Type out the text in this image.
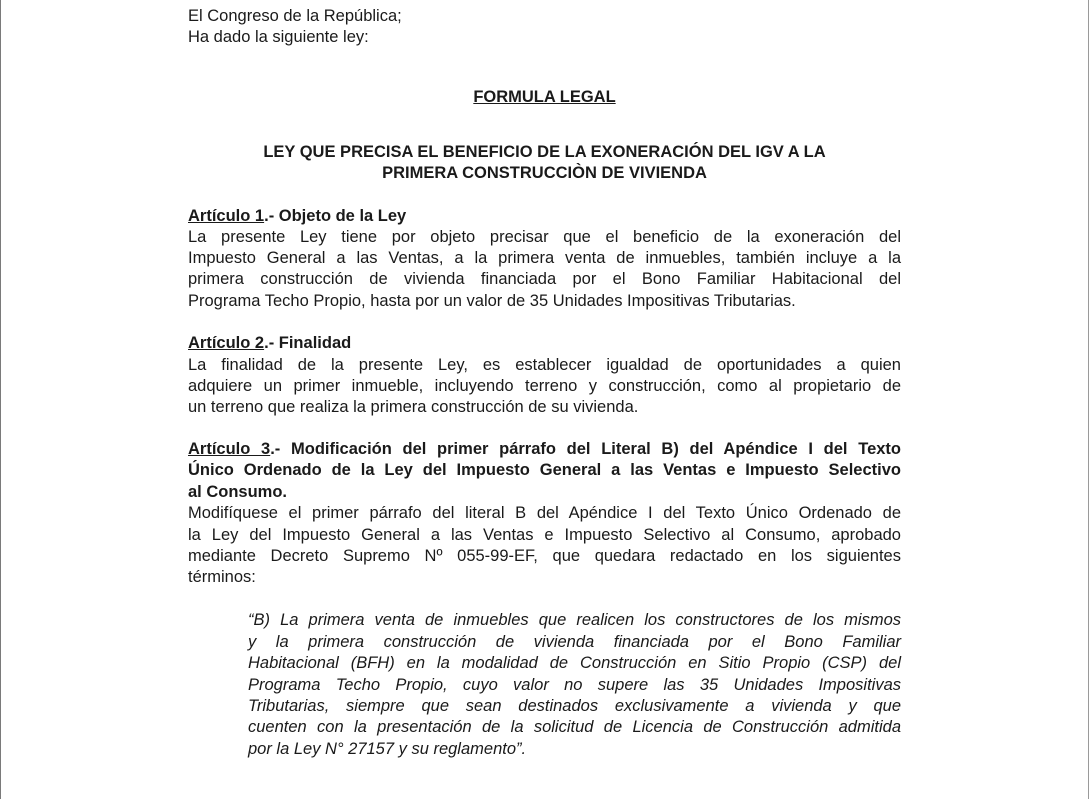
El Congreso de la República;
Ha dado la siguiente ley:
FORMULA LEGAL
LEY QUE PRECISA EL BENEFICIO DE LA EXONERACIÓN DEL IGV A LA
PRIMERA CONSTRUCCIÒN DE VIVIENDA
Artículo 1.- Objeto de la Ley
La presente Ley tiene por objeto precisar que el beneficio de la exoneración del
Impuesto General a las Ventas, a la primera venta de inmuebles, también incluye a la
primera construcción de vivienda financiada por el Bono Familiar Habitacional del
Programa Techo Propio, hasta por un valor de 35 Unidades Impositivas Tributarias.
Artículo 2.- Finalidad
La finalidad de la presente Ley, es establecer igualdad de oportunidades a quien
adquiere un primer inmueble, incluyendo terreno y construcción, como al propietario de
un terreno que realiza la primera construcción de su vivienda.
Artículo 3.- Modificación del primer párrafo del Literal B) del Apéndice I del Texto
Único Ordenado de la Ley del Impuesto General a las Ventas e Impuesto Selectivo
al Consumo.
Modifíquese el primer párrafo del literal B del Apéndice I del Texto Único Ordenado de
la Ley del Impuesto General a las Ventas e Impuesto Selectivo al Consumo, aprobado
mediante Decreto Supremo Nº 055-99-EF, que quedara redactado en los siguientes
términos:
“B) La primera venta de inmuebles que realicen los constructores de los mismos
y la primera construcción de vivienda financiada por el Bono Familiar
Habitacional (BFH) en la modalidad de Construcción en Sitio Propio (CSP) del
Programa Techo Propio, cuyo valor no supere las 35 Unidades Impositivas
Tributarias, siempre que sean destinados exclusivamente a vivienda y que
cuenten con la presentación de la solicitud de Licencia de Construcción admitida
por la Ley N° 27157 y su reglamento”.
